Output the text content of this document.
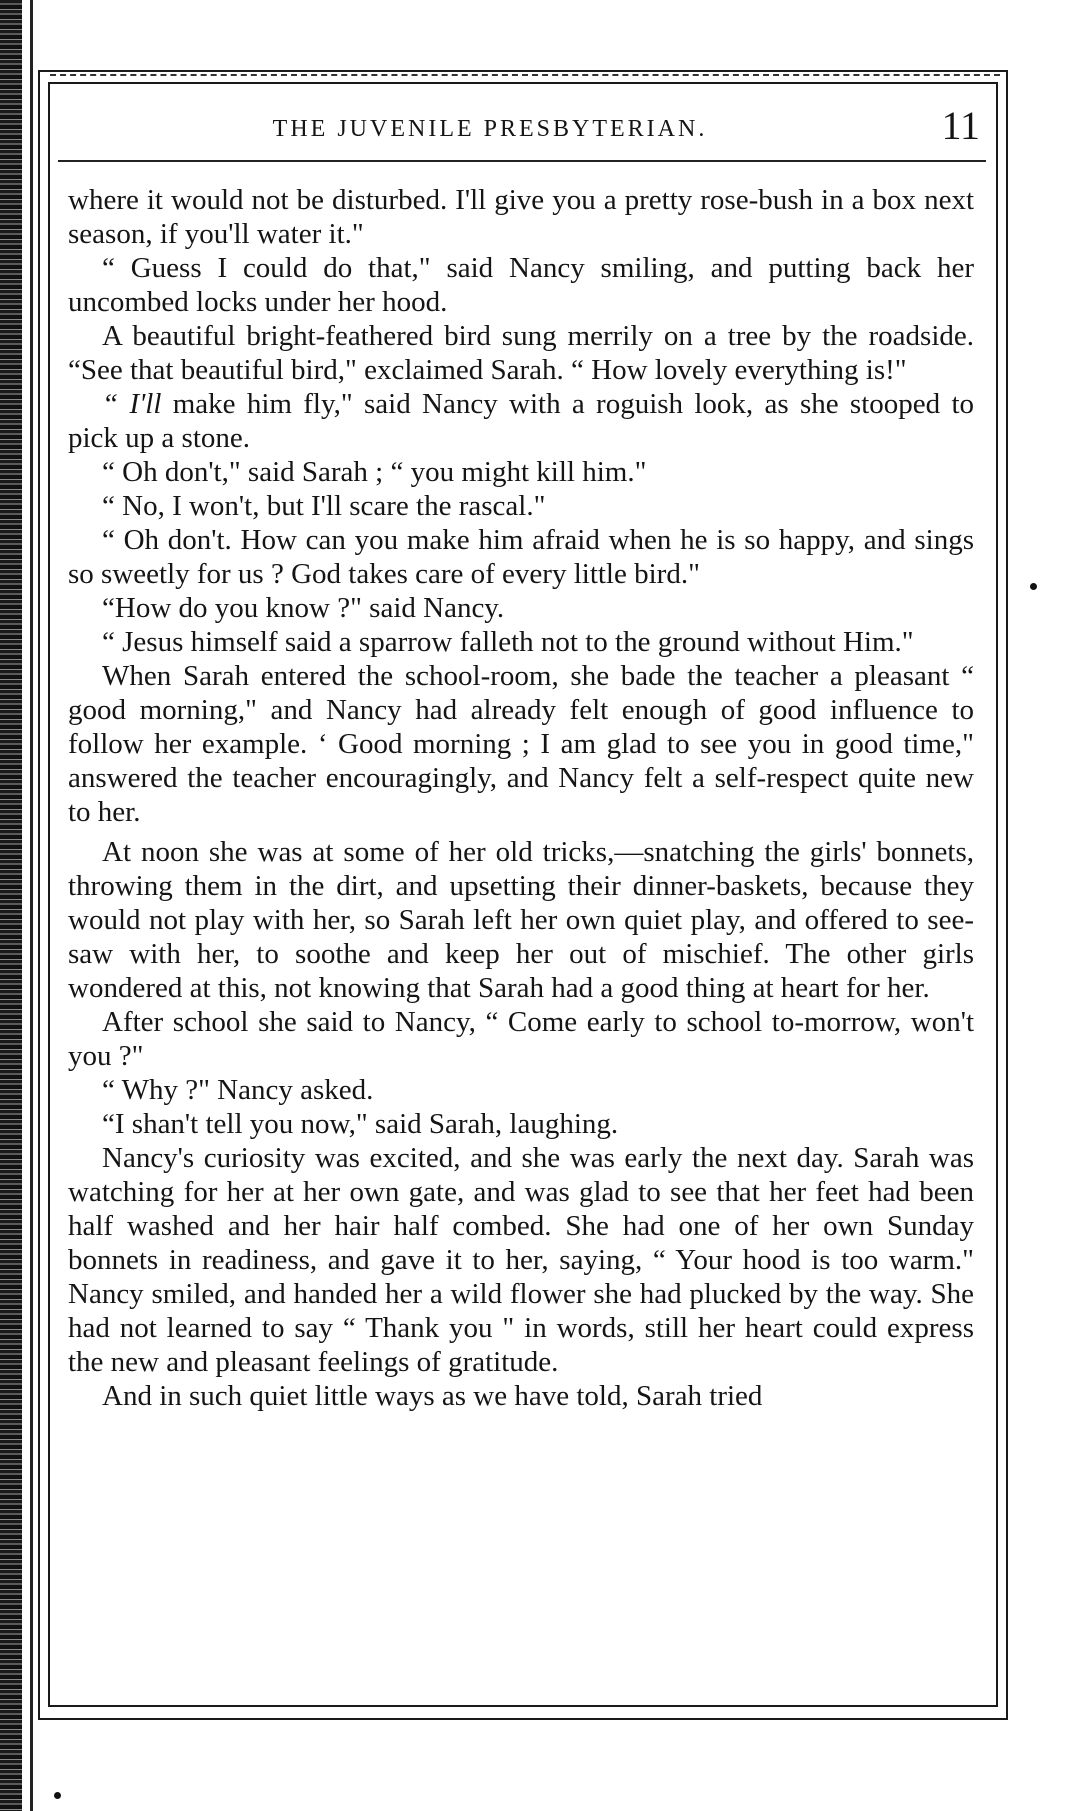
THE JUVENILE PRESBYTERIAN.	11

where it would not be disturbed. I'll give you a pretty rose-bush in a box next season, if you'll water it."

“ Guess I could do that," said Nancy smiling, and putting back her uncombed locks under her hood.

A beautiful bright-feathered bird sung merrily on a tree by the roadside. “See that beautiful bird," exclaimed Sarah. “ How lovely everything is!"

“ I'll make him fly," said Nancy with a roguish look, as she stooped to pick up a stone.

“ Oh don't," said Sarah ; “ you might kill him."

“ No, I won't, but I'll scare the rascal."

“ Oh don't. How can you make him afraid when he is so happy, and sings so sweetly for us ? God takes care of every little bird."

“How do you know ?" said Nancy.

“ Jesus himself said a sparrow falleth not to the ground without Him."

When Sarah entered the school-room, she bade the teacher a pleasant “ good morning," and Nancy had already felt enough of good influence to follow her example. ‘ Good morning ; I am glad to see you in good time," answered the teacher encouragingly, and Nancy felt a self-respect quite new to her.

At noon she was at some of her old tricks,—snatching the girls' bonnets, throwing them in the dirt, and upsetting their dinner-baskets, because they would not play with her, so Sarah left her own quiet play, and offered to see-saw with her, to soothe and keep her out of mischief. The other girls wondered at this, not knowing that Sarah had a good thing at heart for her.

After school she said to Nancy, “ Come early to school to-morrow, won't you ?"

“ Why ?" Nancy asked.

“I shan't tell you now," said Sarah, laughing.

Nancy's curiosity was excited, and she was early the next day. Sarah was watching for her at her own gate, and was glad to see that her feet had been half washed and her hair half combed. She had one of her own Sunday bonnets in readiness, and gave it to her, saying, “ Your hood is too warm." Nancy smiled, and handed her a wild flower she had plucked by the way. She had not learned to say “ Thank you " in words, still her heart could express the new and pleasant feelings of gratitude.

And in such quiet little ways as we have told, Sarah tried
